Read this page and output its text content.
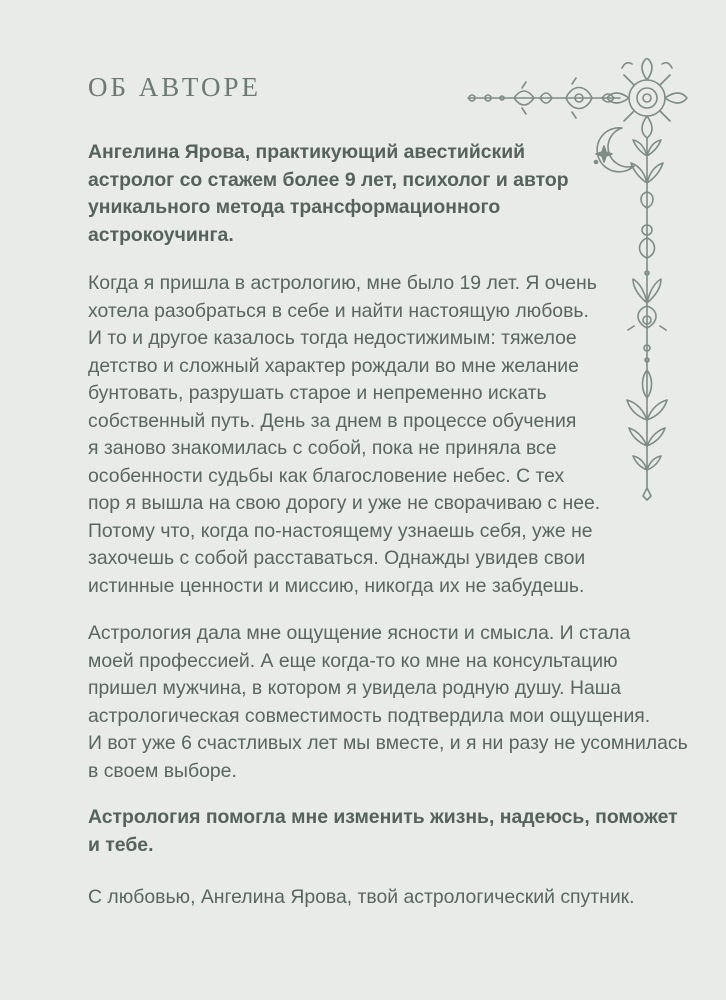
ОБ АВТОРЕ

Ангелина Ярова, практикующий авестийский
астролог со стажем более 9 лет, психолог и автор
уникального метода трансформационного
астрокоучинга.

Когда я пришла в астрологию, мне было 19 лет. Я очень
хотела разобраться в себе и найти настоящую любовь.
И то и другое казалось тогда недостижимым: тяжелое
детство и сложный характер рождали во мне желание
бунтовать, разрушать старое и непременно искать
собственный путь. День за днем в процессе обучения
я заново знакомилась с собой, пока не приняла все
особенности судьбы как благословение небес. С тех
пор я вышла на свою дорогу и уже не сворачиваю с нее.
Потому что, когда по-настоящему узнаешь себя, уже не
захочешь с собой расставаться. Однажды увидев свои
истинные ценности и миссию, никогда их не забудешь.

Астрология дала мне ощущение ясности и смысла. И стала
моей профессией. А еще когда-то ко мне на консультацию
пришел мужчина, в котором я увидела родную душу. Наша
астрологическая совместимость подтвердила мои ощущения.
И вот уже 6 счастливых лет мы вместе, и я ни разу не усомнилась
в своем выборе.

Астрология помогла мне изменить жизнь, надеюсь, поможет
и тебе.

С любовью, Ангелина Ярова, твой астрологический спутник.
